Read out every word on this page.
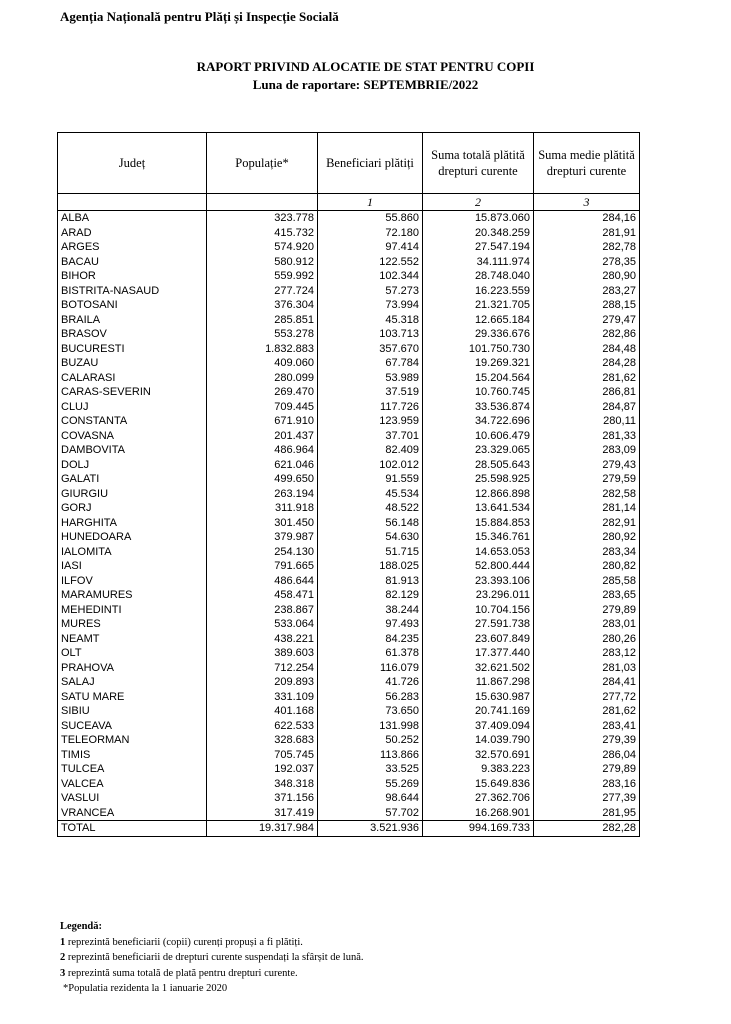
Agenția Națională pentru Plăți și Inspecție Socială
RAPORT PRIVIND ALOCATIE DE STAT PENTRU COPII
Luna de raportare: SEPTEMBRIE/2022
Județ	Populație*	Beneficiari plătiți	Suma totală plătită drepturi curente	Suma medie plătită drepturi curente
		1	2	3
ALBA	323.778	55.860	15.873.060	284,16
ARAD	415.732	72.180	20.348.259	281,91
ARGES	574.920	97.414	27.547.194	282,78
BACAU	580.912	122.552	34.111.974	278,35
BIHOR	559.992	102.344	28.748.040	280,90
BISTRITA-NASAUD	277.724	57.273	16.223.559	283,27
BOTOSANI	376.304	73.994	21.321.705	288,15
BRAILA	285.851	45.318	12.665.184	279,47
BRASOV	553.278	103.713	29.336.676	282,86
BUCURESTI	1.832.883	357.670	101.750.730	284,48
BUZAU	409.060	67.784	19.269.321	284,28
CALARASI	280.099	53.989	15.204.564	281,62
CARAS-SEVERIN	269.470	37.519	10.760.745	286,81
CLUJ	709.445	117.726	33.536.874	284,87
CONSTANTA	671.910	123.959	34.722.696	280,11
COVASNA	201.437	37.701	10.606.479	281,33
DAMBOVITA	486.964	82.409	23.329.065	283,09
DOLJ	621.046	102.012	28.505.643	279,43
GALATI	499.650	91.559	25.598.925	279,59
GIURGIU	263.194	45.534	12.866.898	282,58
GORJ	311.918	48.522	13.641.534	281,14
HARGHITA	301.450	56.148	15.884.853	282,91
HUNEDOARA	379.987	54.630	15.346.761	280,92
IALOMITA	254.130	51.715	14.653.053	283,34
IASI	791.665	188.025	52.800.444	280,82
ILFOV	486.644	81.913	23.393.106	285,58
MARAMURES	458.471	82.129	23.296.011	283,65
MEHEDINTI	238.867	38.244	10.704.156	279,89
MURES	533.064	97.493	27.591.738	283,01
NEAMT	438.221	84.235	23.607.849	280,26
OLT	389.603	61.378	17.377.440	283,12
PRAHOVA	712.254	116.079	32.621.502	281,03
SALAJ	209.893	41.726	11.867.298	284,41
SATU MARE	331.109	56.283	15.630.987	277,72
SIBIU	401.168	73.650	20.741.169	281,62
SUCEAVA	622.533	131.998	37.409.094	283,41
TELEORMAN	328.683	50.252	14.039.790	279,39
TIMIS	705.745	113.866	32.570.691	286,04
TULCEA	192.037	33.525	9.383.223	279,89
VALCEA	348.318	55.269	15.649.836	283,16
VASLUI	371.156	98.644	27.362.706	277,39
VRANCEA	317.419	57.702	16.268.901	281,95
TOTAL	19.317.984	3.521.936	994.169.733	282,28
Legendă:
1 reprezintă beneficiarii (copii) curenți propuși a fi plătiți.
2 reprezintă beneficiarii de drepturi curente suspendați la sfârșit de lună.
3 reprezintă suma totală de plată pentru drepturi curente.
*Populatia rezidenta la 1 ianuarie 2020
